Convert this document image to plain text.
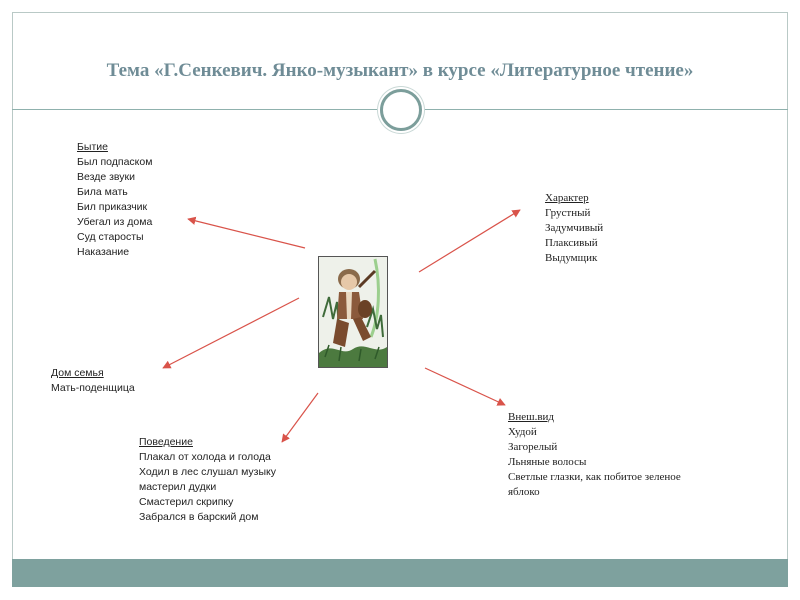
Тема «Г.Сенкевич. Янко-музыкант» в курсе «Литературное чтение»
Бытие
Был подпаском
Везде звуки
Била мать
Бил приказчик
Убегал из дома
Суд старосты
Наказание
Характер
Грустный
Задумчивый
Плаксивый
Выдумщик
Дом семья
Мать-поденщица
Поведение
Плакал от холода и голода
Ходил в лес слушал музыку
мастерил дудки
Смастерил скрипку
Забрался в барский дом
Внеш.вид
Худой
Загорелый
Льняные волосы
Светлые глазки, как побитое зеленое
яблоко
